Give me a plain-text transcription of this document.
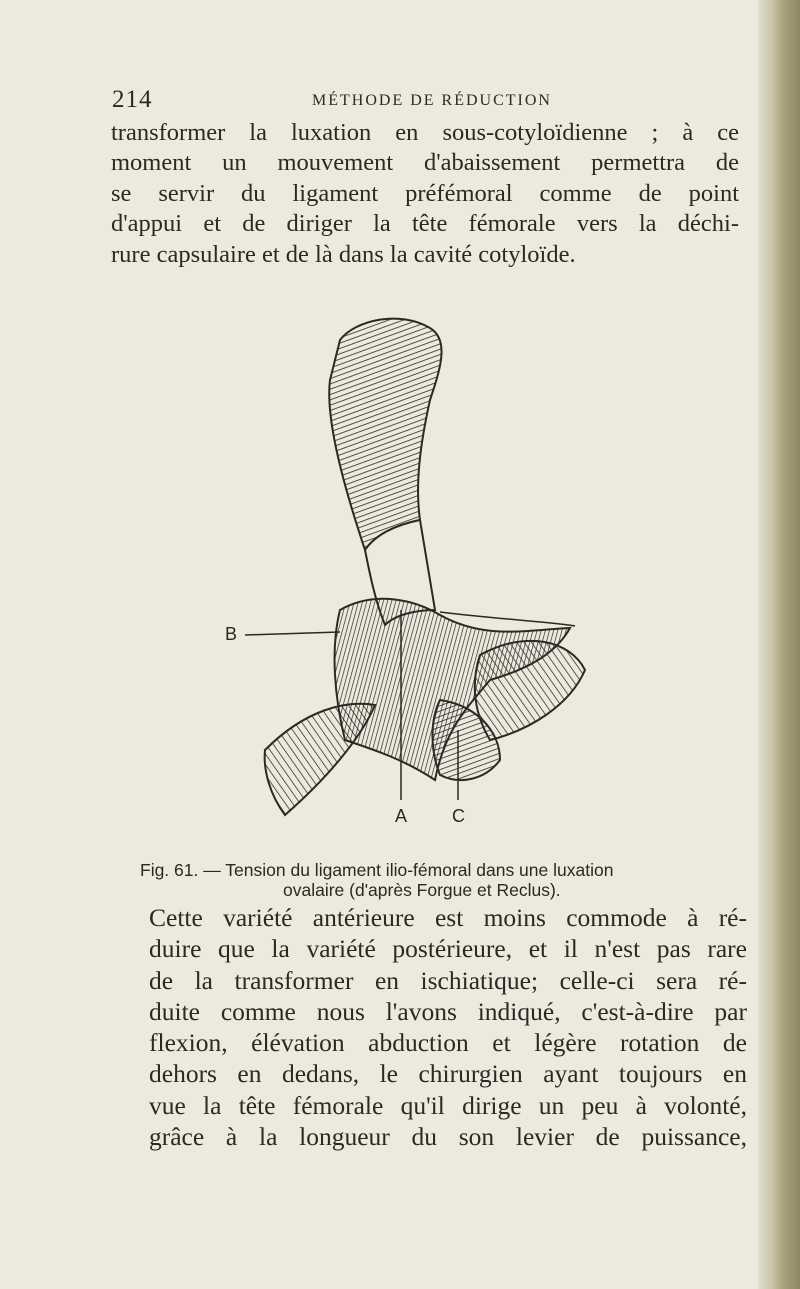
214	MÉTHODE DE RÉDUCTION
transformer la luxation en sous-cotyloïdienne ; à ce
moment un mouvement d'abaissement permettra de
se servir du ligament préfémoral comme de point
d'appui et de diriger la tête fémorale vers la déchi-
rure capsulaire et de là dans la cavité cotyloïde.
B
A C
Fig. 61. — Tension du ligament ilio-fémoral dans une luxation
ovalaire (d'après Forgue et Reclus).
Cette variété antérieure est moins commode à ré-
duire que la variété postérieure, et il n'est pas rare
de la transformer en ischiatique; celle-ci sera ré-
duite comme nous l'avons indiqué, c'est-à-dire par
flexion, élévation abduction et légère rotation de
dehors en dedans, le chirurgien ayant toujours en
vue la tête fémorale qu'il dirige un peu à volonté,
grâce à la longueur du son levier de puissance,
